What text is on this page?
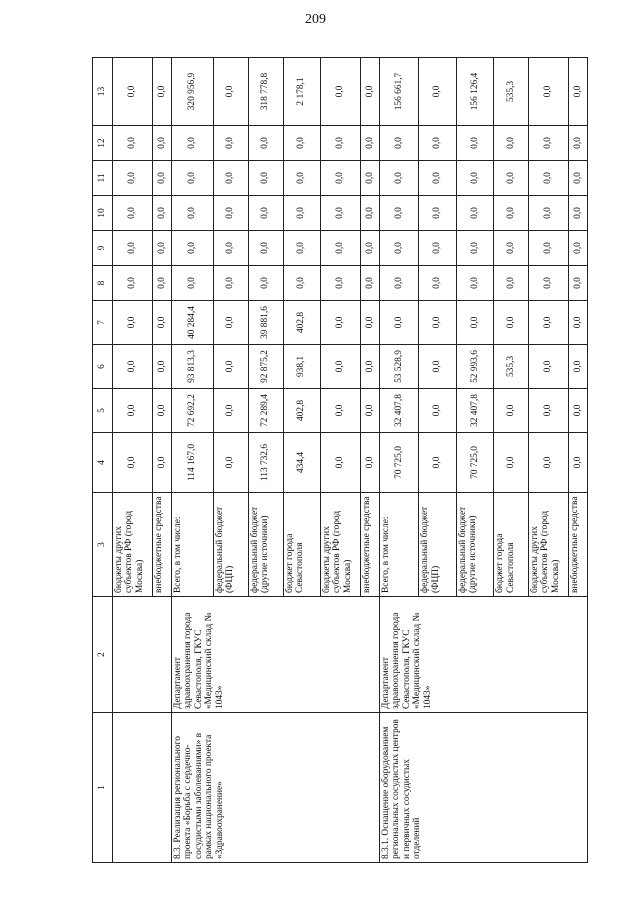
209
1	2	3	4	5	6	7	8	9	10	11	12	13
		бюджеты других субъектов РФ (город Москва)	0,0	0,0	0,0	0,0	0,0	0,0	0,0	0,0	0,0	0,0
		внебюджетные средства	0,0	0,0	0,0	0,0	0,0	0,0	0,0	0,0	0,0	0,0
8.3. Реализация регионального проекта «Борьба с сердечно-сосудистыми заболеваниями» в рамках национального проекта «Здравоохранение»	Департамент здравоохранения города Севастополя, ГКУС «Медицинский склад № 1043»	Всего, в том числе:	114 167,0	72 692,2	93 813,3	40 284,4	0,0	0,0	0,0	0,0	0,0	320 956,9
		федеральный бюджет (ФЦП)	0,0	0,0	0,0	0,0	0,0	0,0	0,0	0,0	0,0	0,0
		федеральный бюджет (другие источники)	113 732,6	72 289,4	92 875,2	39 881,6	0,0	0,0	0,0	0,0	0,0	318 778,8
		бюджет города Севастополя	434,4	402,8	938,1	402,8	0,0	0,0	0,0	0,0	0,0	2 178,1
		бюджеты других субъектов РФ (город Москва)	0,0	0,0	0,0	0,0	0,0	0,0	0,0	0,0	0,0	0,0
		внебюджетные средства	0,0	0,0	0,0	0,0	0,0	0,0	0,0	0,0	0,0	0,0
8.3.1. Оснащение оборудованием региональных сосудистых центров и первичных сосудистых отделений	Департамент здравоохранения города Севастополя, ГКУС «Медицинский склад № 1043»	Всего, в том числе:	70 725,0	32 407,8	53 528,9	0,0	0,0	0,0	0,0	0,0	0,0	156 661,7
		федеральный бюджет (ФЦП)	0,0	0,0	0,0	0,0	0,0	0,0	0,0	0,0	0,0	0,0
		федеральный бюджет (другие источники)	70 725,0	32 407,8	52 993,6	0,0	0,0	0,0	0,0	0,0	0,0	156 126,4
		бюджет города Севастополя	0,0	0,0	535,3	0,0	0,0	0,0	0,0	0,0	0,0	535,3
		бюджеты других субъектов РФ (город Москва)	0,0	0,0	0,0	0,0	0,0	0,0	0,0	0,0	0,0	0,0
		внебюджетные средства	0,0	0,0	0,0	0,0	0,0	0,0	0,0	0,0	0,0	0,0
